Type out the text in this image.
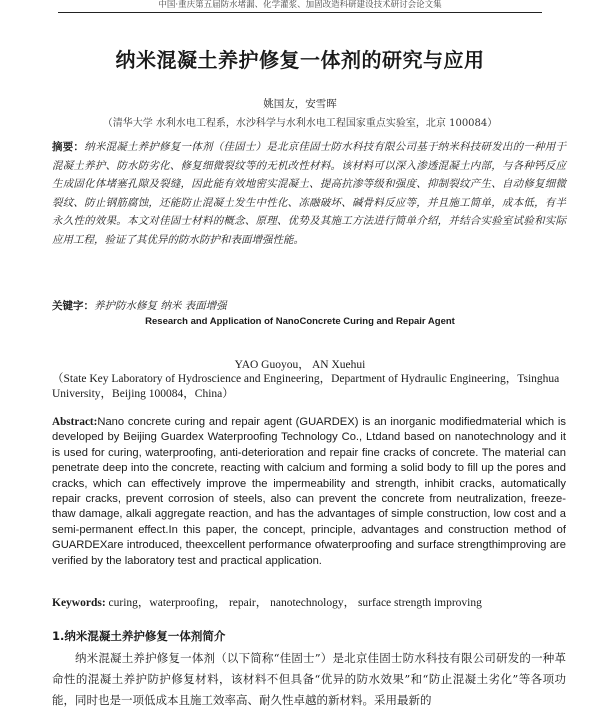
中国·重庆第五届防水堵漏、化学灌浆、加固改造科研建设技术研讨会论文集
纳米混凝土养护修复一体剂的研究与应用
姚国友，安雪晖
（清华大学 水利水电工程系，水沙科学与水利水电工程国家重点实验室，北京 100084）
摘要：纳米混凝土养护修复一体剂（佳固士）是北京佳固士防水科技有限公司基于纳米科技研发出的一种用于混凝土养护、防水防劣化、修复细微裂纹等的无机改性材料。该材料可以深入渗透混凝土内部，与各种钙反应生成固化体堵塞孔隙及裂缝，因此能有效地密实混凝土、提高抗渗等级和强度、抑制裂纹产生、自动修复细微裂纹、防止钢筋腐蚀，还能防止混凝土发生中性化、冻融破坏、碱骨料反应等，并且施工简单，成本低，有半永久性的效果。本文对佳固士材料的概念、原理、优势及其施工方法进行简单介绍，并结合实验室试验和实际应用工程，验证了其优异的防水防护和表面增强性能。
关键字：养护防水修复 纳米 表面增强
Research and Application of NanoConcrete Curing and Repair Agent
YAO Guoyou， AN Xuehui
（State Key Laboratory of Hydroscience and Engineering，Department of Hydraulic Engineering，Tsinghua University，Beijing 100084，China）
Abstract:Nano concrete curing and repair agent (GUARDEX) is an inorganic modifiedmaterial which is developed by Beijing Guardex Waterproofing Technology Co., Ltdand based on nanotechnology and it is used for curing, waterproofing, anti-deterioration and repair fine cracks of concrete. The material can penetrate deep into the concrete, reacting with calcium and forming a solid body to fill up the pores and cracks, which can effectively improve the impermeability and strength, inhibit cracks, automatically repair cracks, prevent corrosion of steels, also can prevent the concrete from neutralization, freeze-thaw damage, alkali aggregate reaction, and has the advantages of simple construction, low cost and a semi-permanent effect.In this paper, the concept, principle, advantages and construction method of GUARDEXare introduced, theexcellent performance ofwaterproofing and surface strengthimproving are verified by the laboratory test and practical application.
Keywords: curing，waterproofing， repair， nanotechnology， surface strength improving
1.纳米混凝土养护修复一体剂简介
纳米混凝土养护修复一体剂（以下简称“佳固士”）是北京佳固士防水科技有限公司研发的一种革命性的混凝土养护防护修复材料，该材料不但具备“优异的防水效果”和“防止混凝土劣化”等各项功能，同时也是一项低成本且施工效率高、耐久性卓越的新材料。采用最新的
